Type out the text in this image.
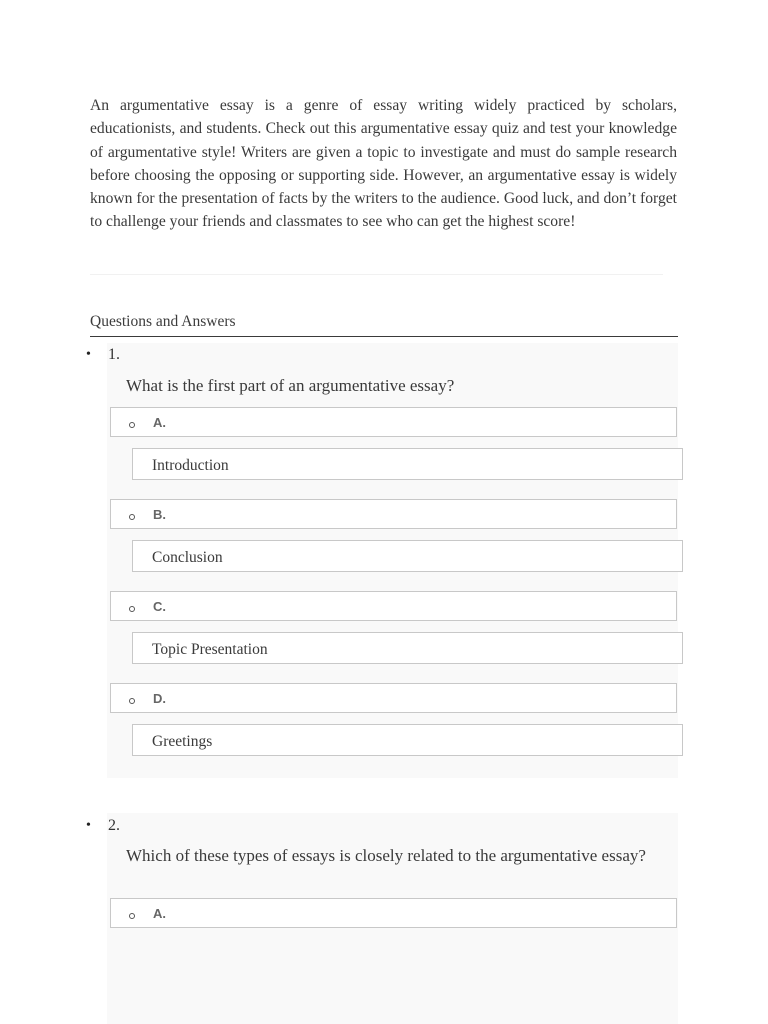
An argumentative essay is a genre of essay writing widely practiced by scholars, educationists, and students. Check out this argumentative essay quiz and test your knowledge of argumentative style! Writers are given a topic to investigate and must do sample research before choosing the opposing or supporting side. However, an argumentative essay is widely known for the presentation of facts by the writers to the audience. Good luck, and don’t forget to challenge your friends and classmates to see who can get the highest score!
Questions and Answers
• 1.
What is the first part of an argumentative essay?
A.
Introduction
B.
Conclusion
C.
Topic Presentation
D.
Greetings
• 2.
Which of these types of essays is closely related to the argumentative essay?
A.
